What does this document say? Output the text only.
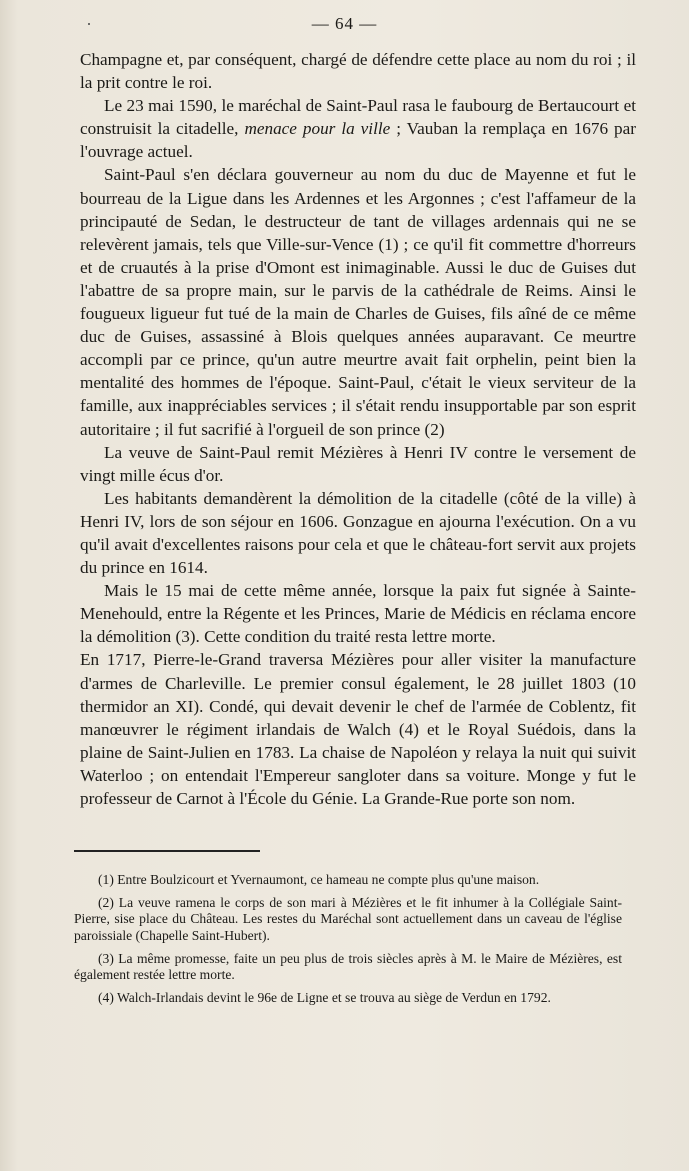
— 64 —

Champagne et, par conséquent, chargé de défendre cette place au nom du roi ; il la prit contre le roi.

Le 23 mai 1590, le maréchal de Saint-Paul rasa le faubourg de Bertaucourt et construisit la citadelle, menace pour la ville ; Vauban la remplaça en 1676 par l'ouvrage actuel.

Saint-Paul s'en déclara gouverneur au nom du duc de Mayenne et fut le bourreau de la Ligue dans les Ardennes et les Argonnes ; c'est l'affameur de la principauté de Sedan, le destructeur de tant de villages ardennais qui ne se relevèrent jamais, tels que Ville-sur-Vence (1) ; ce qu'il fit commettre d'horreurs et de cruautés à la prise d'Omont est inimaginable. Aussi le duc de Guises dut l'abattre de sa propre main, sur le parvis de la cathédrale de Reims. Ainsi le fougueux ligueur fut tué de la main de Charles de Guises, fils aîné de ce même duc de Guises, assassiné à Blois quelques années auparavant. Ce meurtre accompli par ce prince, qu'un autre meurtre avait fait orphelin, peint bien la mentalité des hommes de l'époque. Saint-Paul, c'était le vieux serviteur de la famille, aux inappréciables services ; il s'était rendu insupportable par son esprit autoritaire ; il fut sacrifié à l'orgueil de son prince (2)

La veuve de Saint-Paul remit Mézières à Henri IV contre le versement de vingt mille écus d'or.

Les habitants demandèrent la démolition de la citadelle (côté de la ville) à Henri IV, lors de son séjour en 1606. Gonzague en ajourna l'exécution. On a vu qu'il avait d'excellentes raisons pour cela et que le château-fort servit aux projets du prince en 1614.

Mais le 15 mai de cette même année, lorsque la paix fut signée à Sainte-Menehould, entre la Régente et les Princes, Marie de Médicis en réclama encore la démolition (3). Cette condition du traité resta lettre morte.

En 1717, Pierre-le-Grand traversa Mézières pour aller visiter la manufacture d'armes de Charleville. Le premier consul également, le 28 juillet 1803 (10 thermidor an XI). Condé, qui devait devenir le chef de l'armée de Coblentz, fit manœuvrer le régiment irlandais de Walch (4) et le Royal Suédois, dans la plaine de Saint-Julien en 1783. La chaise de Napoléon y relaya la nuit qui suivit Waterloo ; on entendait l'Empereur sangloter dans sa voiture. Monge y fut le professeur de Carnot à l'École du Génie. La Grande-Rue porte son nom.

(1) Entre Boulzicourt et Yvernaumont, ce hameau ne compte plus qu'une maison.

(2) La veuve ramena le corps de son mari à Mézières et le fit inhumer à la Collégiale Saint-Pierre, sise place du Château. Les restes du Maréchal sont actuellement dans un caveau de l'église paroissiale (Chapelle Saint-Hubert).

(3) La même promesse, faite un peu plus de trois siècles après à M. le Maire de Mézières, est également restée lettre morte.

(4) Walch-Irlandais devint le 96e de Ligne et se trouva au siège de Verdun en 1792.
